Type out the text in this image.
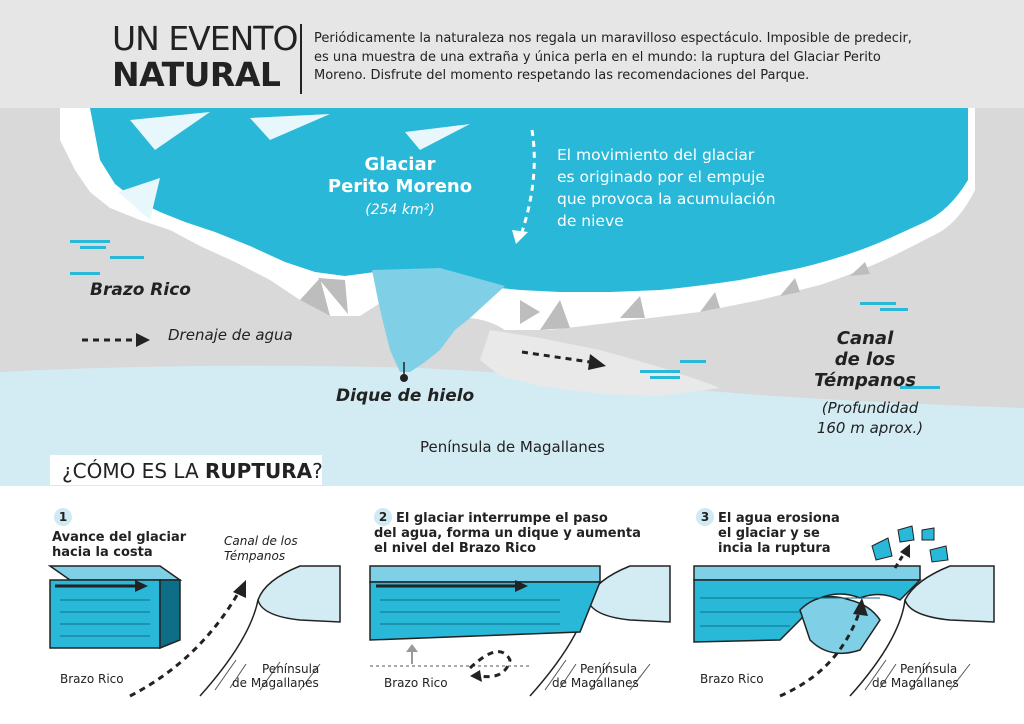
UN EVENTO
NATURAL
Periódicamente la naturaleza nos regala un maravilloso espectáculo. Imposible de predecir, es una muestra de una extraña y única perla en el mundo: la ruptura del Glaciar Perito Moreno. Disfrute del momento respetando las recomendaciones del Parque.
Glaciar
Perito Moreno
(254 km²)
El movimiento del glaciar
es originado por el empuje
que provoca la acumulación
de nieve
Brazo Rico
Drenaje de agua
Dique de hielo
Canal
de los
Témpanos
(Profundidad
160 m aprox.)
Península de Magallanes
¿CÓMO ES LA RUPTURA?
1
Avance del glaciar
hacia la costa
Canal de los
Témpanos
Brazo Rico
Península
de Magallanes
2 El glaciar interrumpe el paso
del agua, forma un dique y aumenta
el nivel del Brazo Rico
Brazo Rico
Península
de Magallanes
3 El agua erosiona
el glaciar y se
incia la ruptura
Brazo Rico
Península
de Magallanes
